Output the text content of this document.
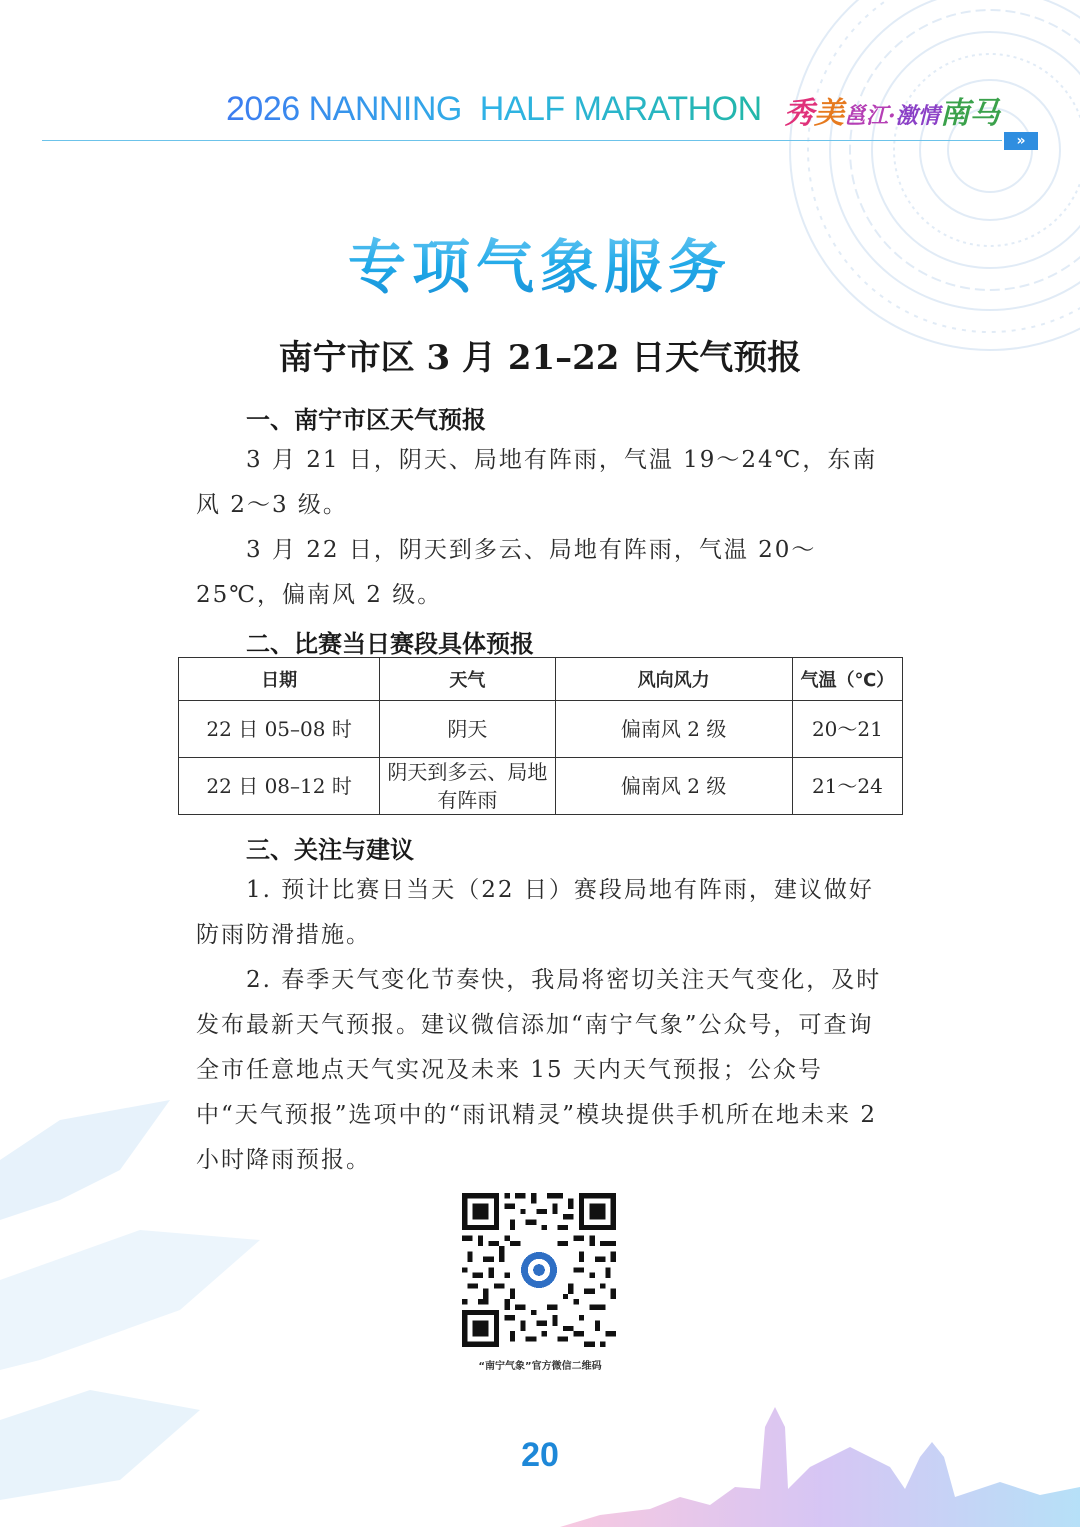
2026 NANNING  HALF MARATHON 秀美邕江·激情南马
»
专项气象服务
南宁市区 3 月 21–22 日天气预报
一、南宁市区天气预报
3 月 21 日，阴天、局地有阵雨，气温 19～24℃，东南风 2～3 级。
3 月 22 日，阴天到多云、局地有阵雨，气温 20～25℃，偏南风 2 级。
二、比赛当日赛段具体预报
日期	天气	风向风力	气温（℃）
22 日 05–08 时	阴天	偏南风 2 级	20～21
22 日 08–12 时	阴天到多云、局地有阵雨	偏南风 2 级	21～24
三、关注与建议
1. 预计比赛日当天（22 日）赛段局地有阵雨，建议做好防雨防滑措施。
2. 春季天气变化节奏快，我局将密切关注天气变化，及时发布最新天气预报。建议微信添加“南宁气象”公众号，可查询全市任意地点天气实况及未来 15 天内天气预报；公众号中“天气预报”选项中的“雨讯精灵”模块提供手机所在地未来 2 小时降雨预报。
“南宁气象”官方微信二维码
20
